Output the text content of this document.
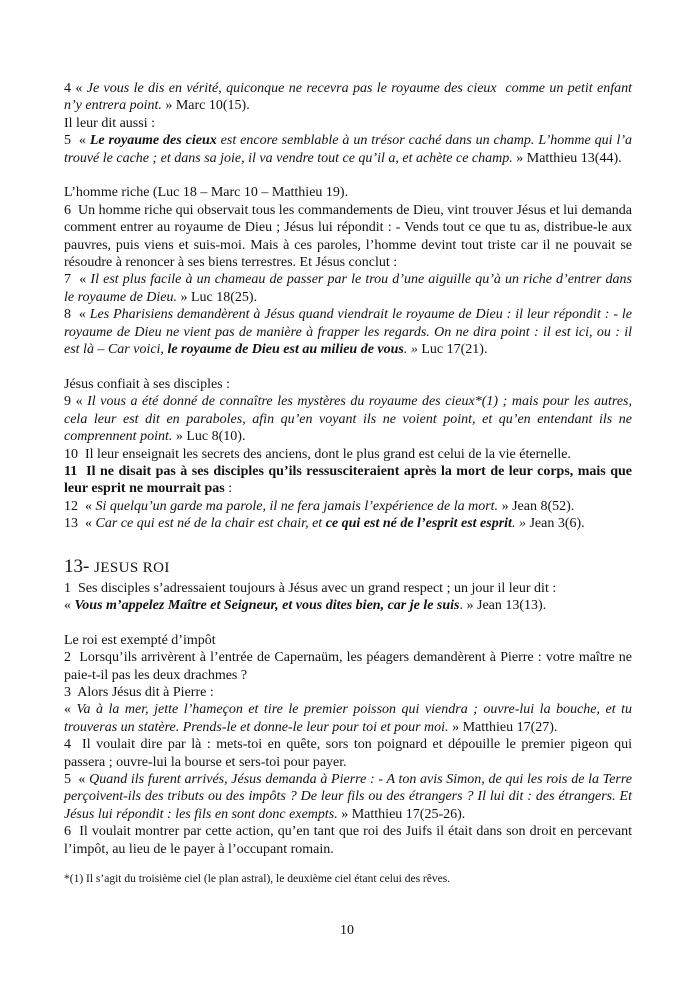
4 « Je vous le dis en vérité, quiconque ne recevra pas le royaume des cieux  comme un petit enfant n’y entrera point. » Marc 10(15).

Il leur dit aussi :

5  « Le royaume des cieux est encore semblable à un trésor caché dans un champ. L’homme qui l’a trouvé le cache ; et dans sa joie, il va vendre tout ce qu’il a, et achète ce champ. » Matthieu 13(44).

L’homme riche (Luc 18 – Marc 10 – Matthieu 19).

6  Un homme riche qui observait tous les commandements de Dieu, vint trouver Jésus et lui demanda comment entrer au royaume de Dieu ; Jésus lui répondit : - Vends tout ce que tu as, distribue-le aux pauvres, puis viens et suis-moi. Mais à ces paroles, l’homme devint tout triste car il ne pouvait se résoudre à renoncer à ses biens terrestres. Et Jésus conclut :

7  « Il est plus facile à un chameau de passer par le trou d’une aiguille qu’à un riche d’entrer dans le royaume de Dieu. » Luc 18(25).

8  « Les Pharisiens demandèrent à Jésus quand viendrait le royaume de Dieu : il leur répondit : - le royaume de Dieu ne vient pas de manière à frapper les regards. On ne dira point : il est ici, ou : il est là – Car voici, le royaume de Dieu est au milieu de vous. » Luc 17(21).

Jésus confiait à ses disciples :

9 « Il vous a été donné de connaître les mystères du royaume des cieux*(1) ; mais pour les autres, cela leur est dit en paraboles, afin qu’en voyant ils ne voient point, et qu’en entendant ils ne comprennent point. » Luc 8(10).

10  Il leur enseignait les secrets des anciens, dont le plus grand est celui de la vie éternelle.

11  Il ne disait pas à ses disciples qu’ils ressusciteraient après la mort de leur corps, mais que leur esprit ne mourrait pas :

12  « Si quelqu’un garde ma parole, il ne fera jamais l’expérience de la mort. » Jean 8(52).

13  « Car ce qui est né de la chair est chair, et ce qui est né de l’esprit est esprit. » Jean 3(6).

13- JESUS ROI

1  Ses disciples s’adressaient toujours à Jésus avec un grand respect ; un jour il leur dit :

« Vous m’appelez Maître et Seigneur, et vous dites bien, car je le suis. » Jean 13(13).

Le roi est exempté d’impôt

2  Lorsqu’ils arrivèrent à l’entrée de Capernaüm, les péagers demandèrent à Pierre : votre maître ne paie-t-il pas les deux drachmes ?

3  Alors Jésus dit à Pierre :

« Va à la mer, jette l’hameçon et tire le premier poisson qui viendra ; ouvre-lui la bouche, et tu trouveras un statère. Prends-le et donne-le leur pour toi et pour moi. » Matthieu 17(27).

4  Il voulait dire par là : mets-toi en quête, sors ton poignard et dépouille le premier pigeon qui passera ; ouvre-lui la bourse et sers-toi pour payer.

5  « Quand ils furent arrivés, Jésus demanda à Pierre : - A ton avis Simon, de qui les rois de la Terre perçoivent-ils des tributs ou des impôts ? De leur fils ou des étrangers ? Il lui dit : des étrangers. Et Jésus lui répondit : les fils en sont donc exempts. » Matthieu 17(25-26).

6  Il voulait montrer par cette action, qu’en tant que roi des Juifs il était dans son droit en percevant l’impôt, au lieu de le payer à l’occupant romain.

*(1) Il s’agit du troisième ciel (le plan astral), le deuxième ciel étant celui des rêves.

10
